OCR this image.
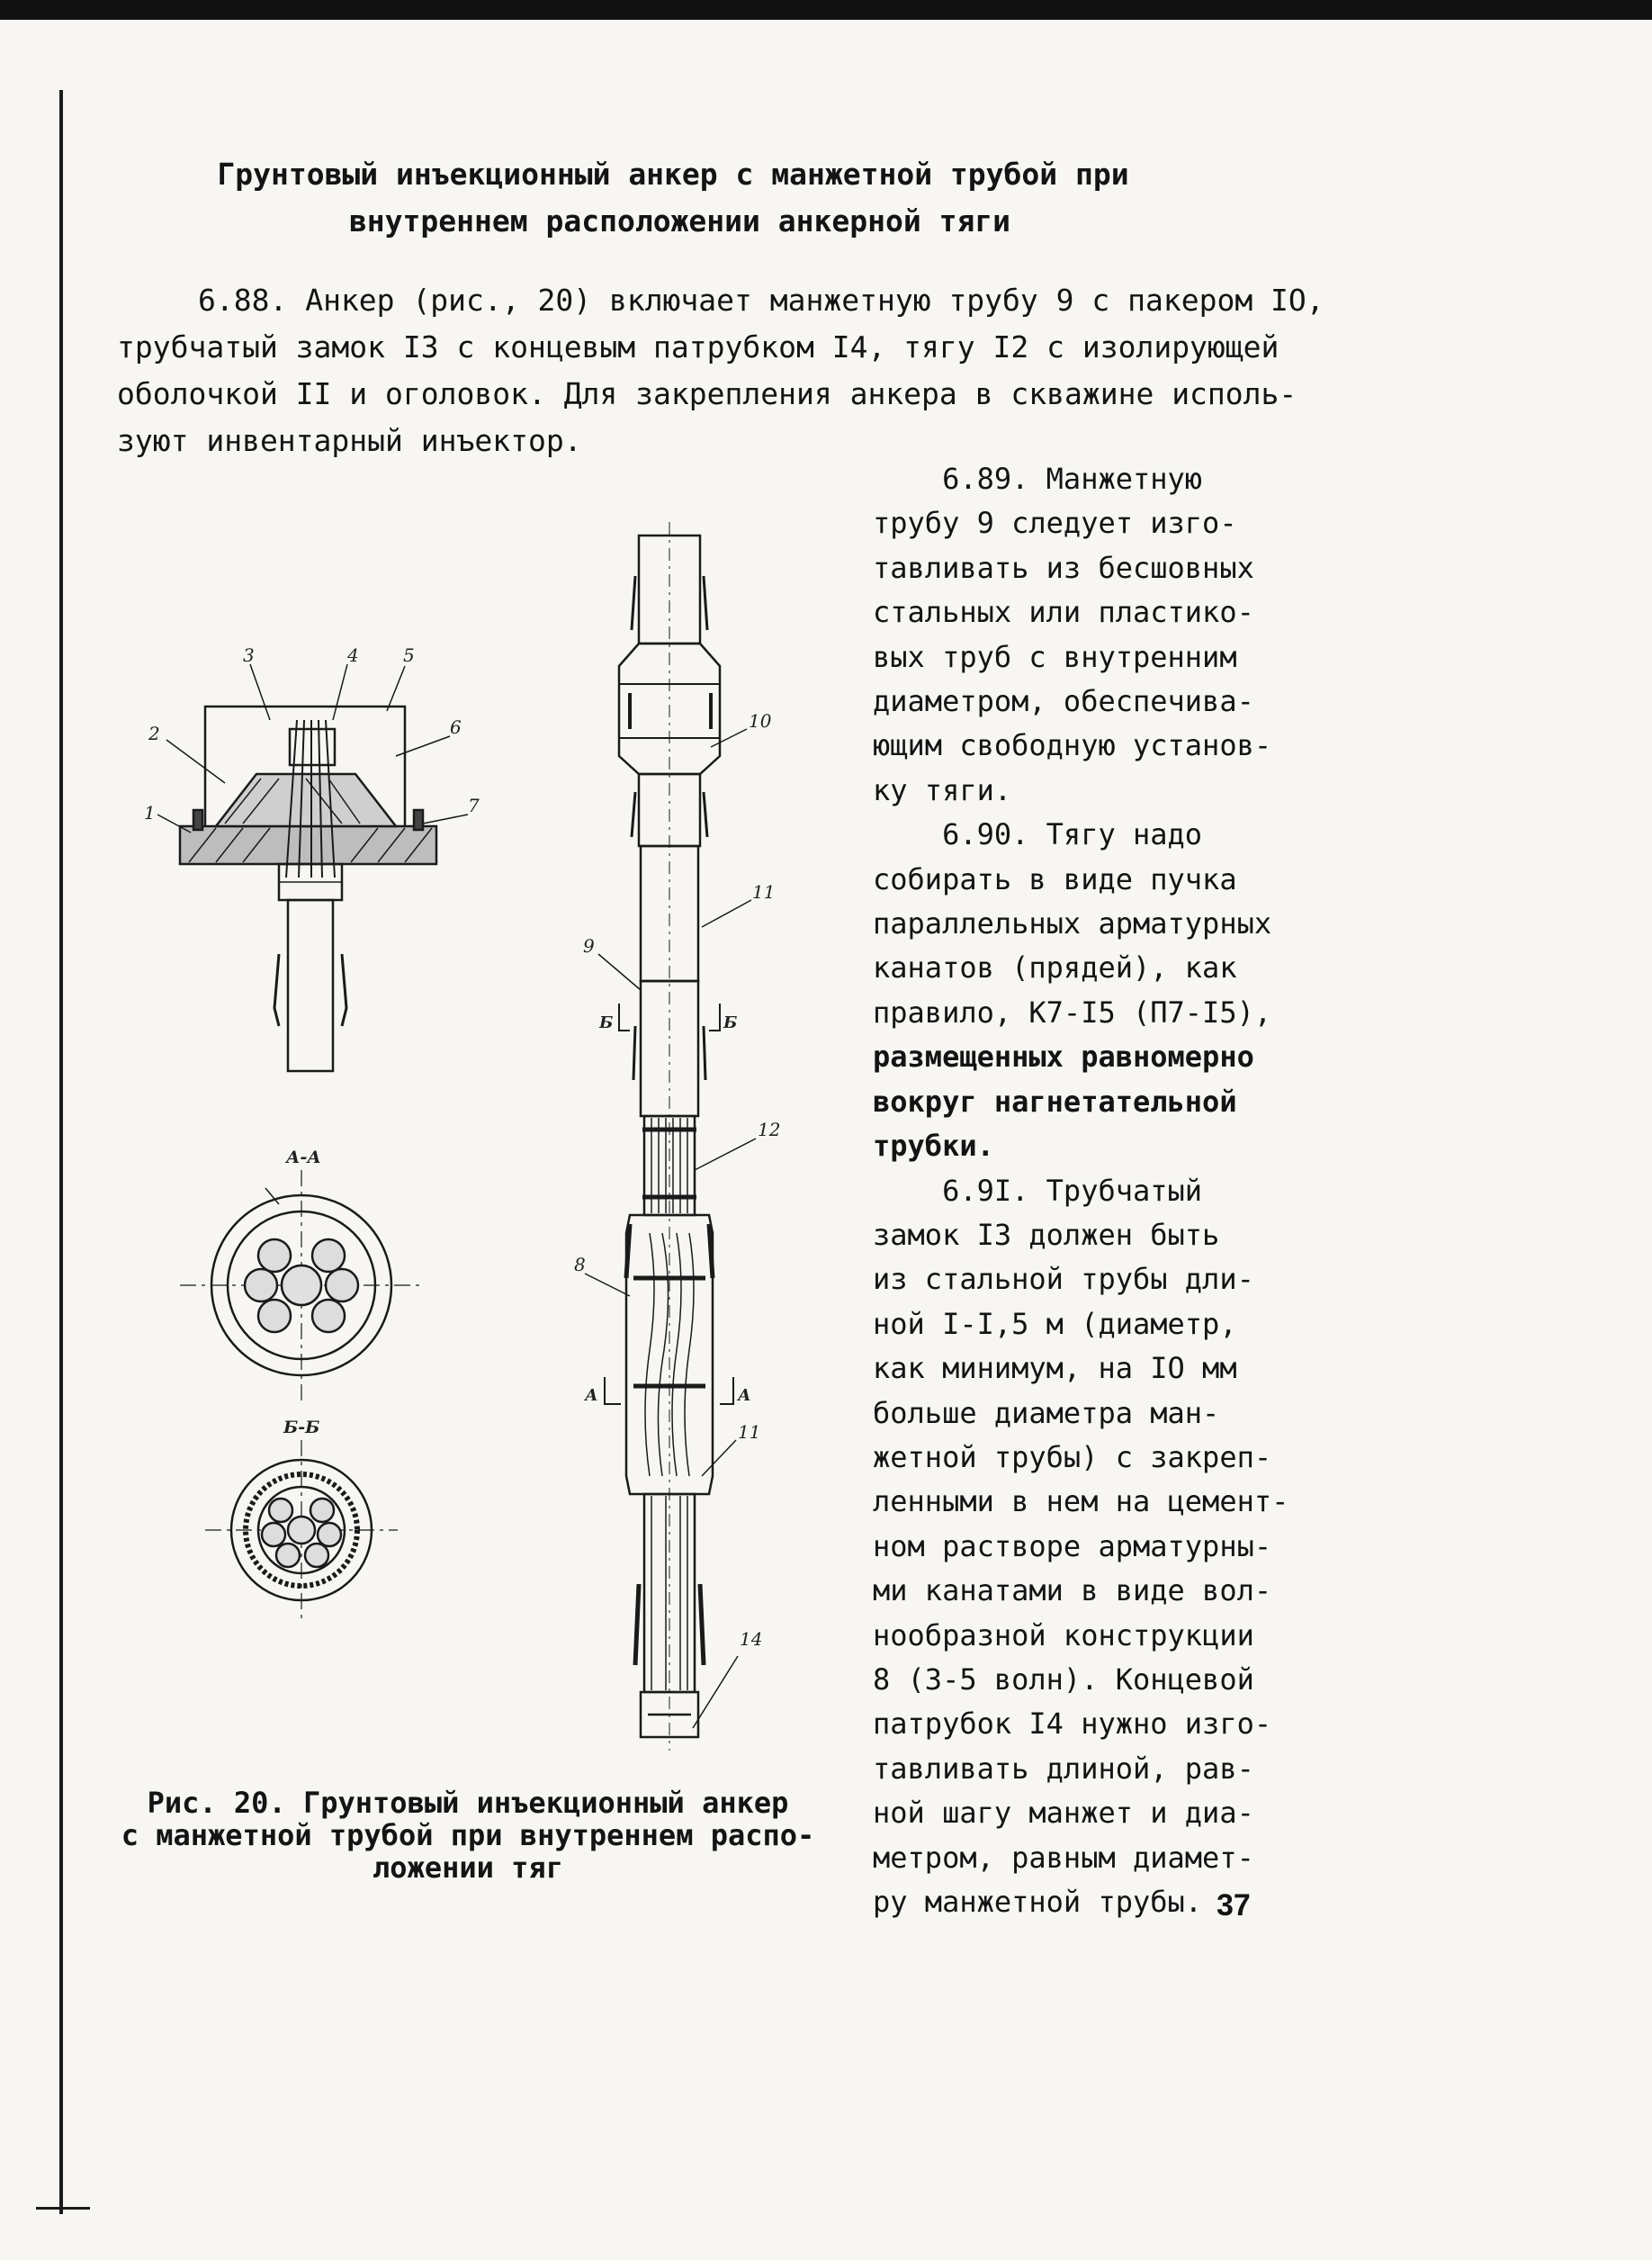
Грунтовый инъекционный анкер с манжетной трубой при
внутреннем расположении анкерной тяги
6.88. Анкер (рис., 20) включает манжетную трубу 9 с пакером IO,
трубчатый замок I3 с концевым патрубком I4, тягу I2 с изолирующей
оболочкой II и оголовок. Для закрепления анкера в скважине исполь-
зуют инвентарный инъектор.
6.89. Манжетную
трубу 9 следует изго-
тавливать из бесшовных
стальных или пластико-
вых труб с внутренним
диаметром, обеспечива-
ющим свободную установ-
ку тяги.
6.90. Тягу надо
собирать в виде пучка
параллельных арматурных
канатов (прядей), как
правило, К7-I5 (П7-I5),
размещенных равномерно
вокруг нагнетательной
трубки.
6.9I. Трубчатый
замок I3 должен быть
из стальной трубы дли-
ной I-I,5 м (диаметр,
как минимум, на IO мм
больше диаметра ман-
жетной трубы) с закреп-
ленными в нем на цемент-
ном растворе арматурны-
ми канатами в виде вол-
нообразной конструкции
8 (3-5 волн). Концевой
патрубок I4 нужно изго-
тавливать длиной, рав-
ной шагу манжет и диа-
метром, равным диамет-
ру манжетной трубы. 37
Рис. 20. Грунтовый инъекционный анкер
с манжетной трубой при внутреннем распо-
ложении тяг
1
2
3	4 5
6
7
А-А
Б-Б
10
11
9
12
8
11
14
Б	Б
А	А
